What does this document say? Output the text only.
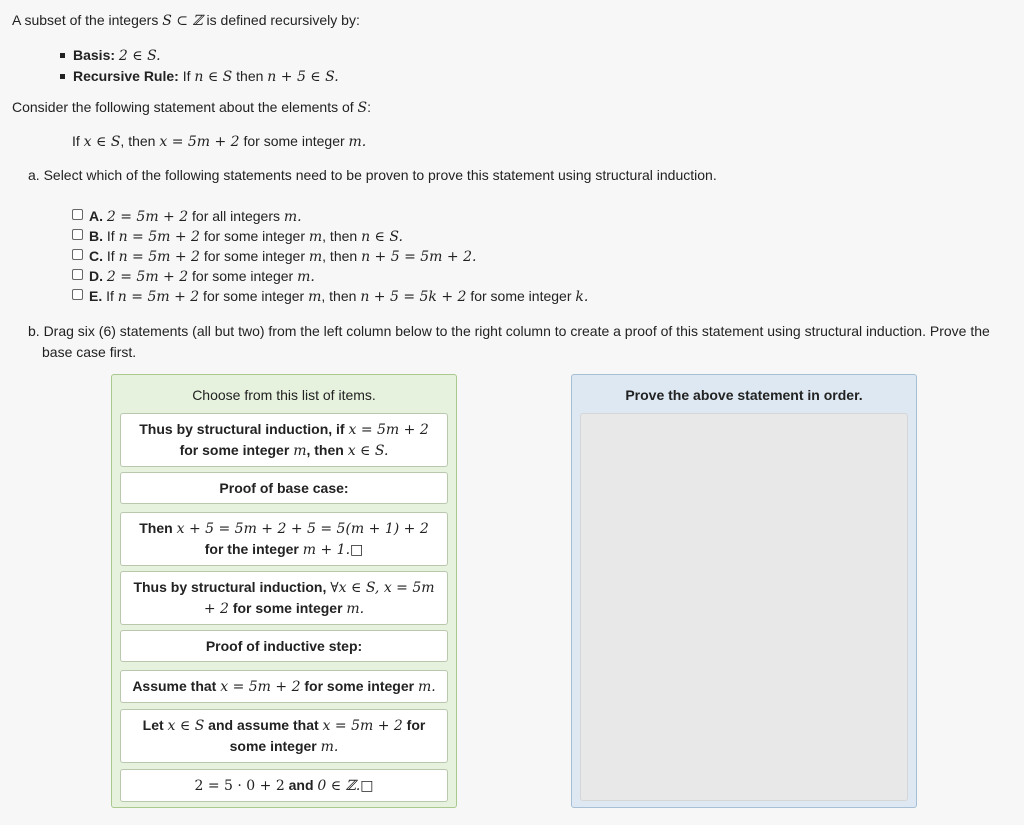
A subset of the integers S ⊂ ℤ is defined recursively by:
Basis: 2 ∈ S.
Recursive Rule: If n ∈ S then n + 5 ∈ S.
Consider the following statement about the elements of S:
If x ∈ S, then x = 5m + 2 for some integer m.
a. Select which of the following statements need to be proven to prove this statement using structural induction.
A. 2 = 5m + 2 for all integers m.
B. If n = 5m + 2 for some integer m, then n ∈ S.
C. If n = 5m + 2 for some integer m, then n + 5 = 5m + 2.
D. 2 = 5m + 2 for some integer m.
E. If n = 5m + 2 for some integer m, then n + 5 = 5k + 2 for some integer k.
b. Drag six (6) statements (all but two) from the left column below to the right column to create a proof of this statement using structural induction. Prove the
base case first.
Choose from this list of items.
Thus by structural induction, if x = 5m + 2 for some integer m, then x ∈ S.
Proof of base case:
Then x + 5 = 5m + 2 + 5 = 5(m + 1) + 2 for the integer m + 1.□
Thus by structural induction, ∀x ∈ S, x = 5m + 2 for some integer m.
Proof of inductive step:
Assume that x = 5m + 2 for some integer m.
Let x ∈ S and assume that x = 5m + 2 for some integer m.
2 = 5 · 0 + 2 and 0 ∈ ℤ.□
Prove the above statement in order.
